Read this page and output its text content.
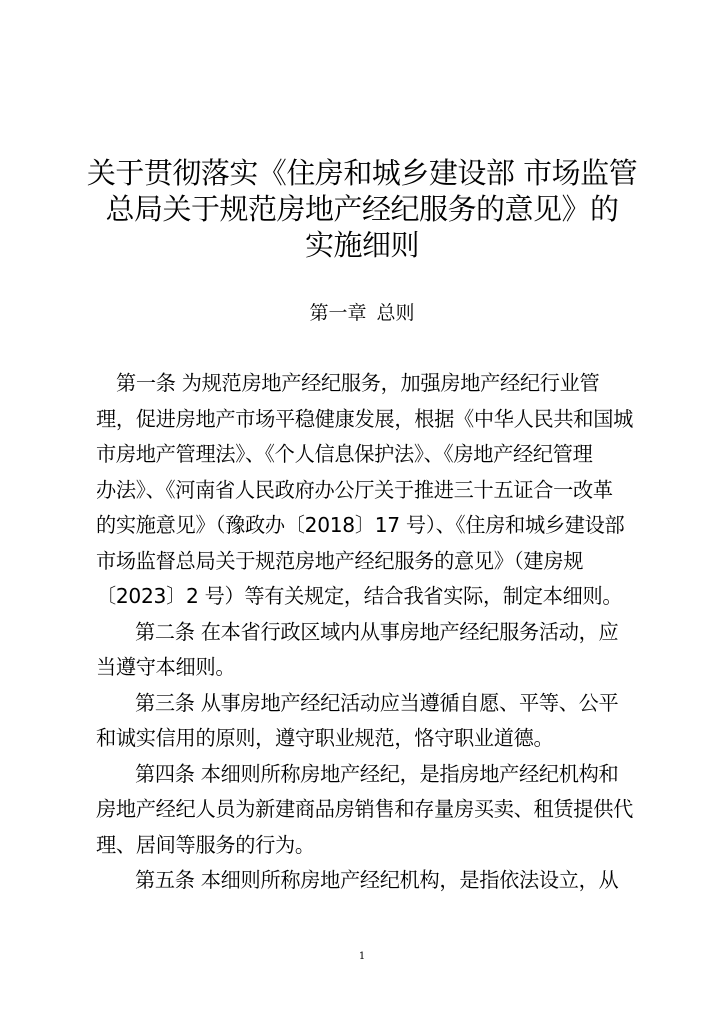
关于贯彻落实《住房和城乡建设部 市场监管
总局关于规范房地产经纪服务的意见》的
实施细则
第一章 总则
第一条 为规范房地产经纪服务，加强房地产经纪行业管
理，促进房地产市场平稳健康发展，根据《中华人民共和国城
市房地产管理法》、《个人信息保护法》、《房地产经纪管理
办法》、《河南省人民政府办公厅关于推进三十五证合一改革
的实施意见》（豫政办〔2018〕17 号）、《住房和城乡建设部
市场监督总局关于规范房地产经纪服务的意见》（建房规
〔2023〕2 号）等有关规定，结合我省实际，制定本细则。
第二条 在本省行政区域内从事房地产经纪服务活动，应
当遵守本细则。
第三条 从事房地产经纪活动应当遵循自愿、平等、公平
和诚实信用的原则，遵守职业规范，恪守职业道德。
第四条 本细则所称房地产经纪，是指房地产经纪机构和
房地产经纪人员为新建商品房销售和存量房买卖、租赁提供代
理、居间等服务的行为。
第五条 本细则所称房地产经纪机构，是指依法设立，从
1
